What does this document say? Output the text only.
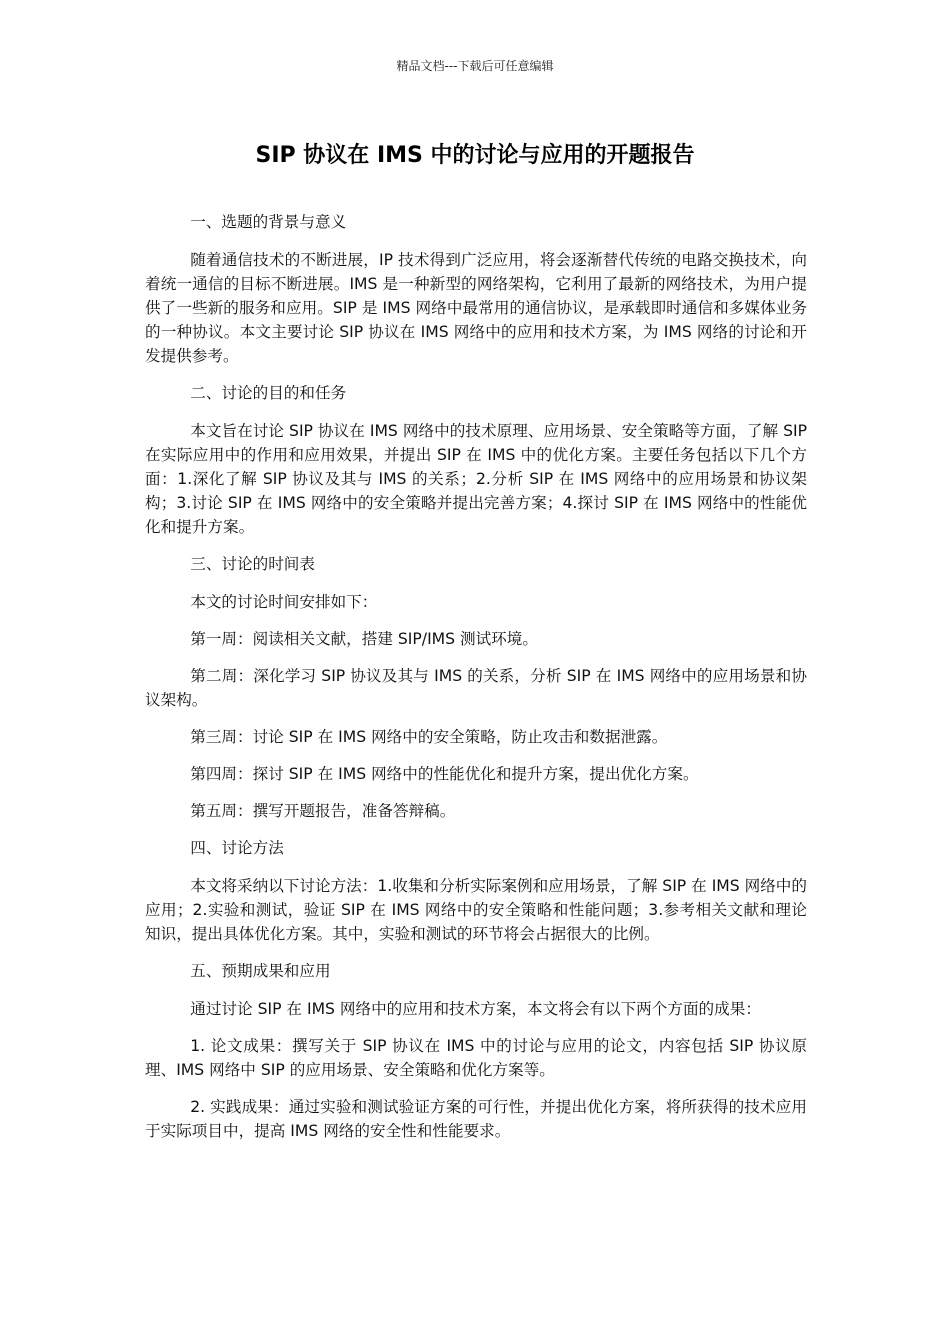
精品文档---下载后可任意编辑
SIP 协议在 IMS 中的讨论与应用的开题报告

一、选题的背景与意义

随着通信技术的不断进展，IP 技术得到广泛应用，将会逐渐替代传统的电路交换技术，向着统一通信的目标不断进展。IMS 是一种新型的网络架构，它利用了最新的网络技术，为用户提供了一些新的服务和应用。SIP 是 IMS 网络中最常用的通信协议，是承载即时通信和多媒体业务的一种协议。本文主要讨论 SIP 协议在 IMS 网络中的应用和技术方案，为 IMS 网络的讨论和开发提供参考。

二、讨论的目的和任务

本文旨在讨论 SIP 协议在 IMS 网络中的技术原理、应用场景、安全策略等方面，了解 SIP 在实际应用中的作用和应用效果，并提出 SIP 在 IMS 中的优化方案。主要任务包括以下几个方面：1.深化了解 SIP 协议及其与 IMS 的关系；2.分析 SIP 在 IMS 网络中的应用场景和协议架构；3.讨论 SIP 在 IMS 网络中的安全策略并提出完善方案；4.探讨 SIP 在 IMS 网络中的性能优化和提升方案。

三、讨论的时间表

本文的讨论时间安排如下：

第一周：阅读相关文献，搭建 SIP/IMS 测试环境。

第二周：深化学习 SIP 协议及其与 IMS 的关系，分析 SIP 在 IMS 网络中的应用场景和协议架构。

第三周：讨论 SIP 在 IMS 网络中的安全策略，防止攻击和数据泄露。

第四周：探讨 SIP 在 IMS 网络中的性能优化和提升方案，提出优化方案。

第五周：撰写开题报告，准备答辩稿。

四、讨论方法

本文将采纳以下讨论方法：1.收集和分析实际案例和应用场景，了解 SIP 在 IMS 网络中的应用；2.实验和测试，验证 SIP 在 IMS 网络中的安全策略和性能问题；3.参考相关文献和理论知识，提出具体优化方案。其中，实验和测试的环节将会占据很大的比例。

五、预期成果和应用

通过讨论 SIP 在 IMS 网络中的应用和技术方案，本文将会有以下两个方面的成果：

1. 论文成果：撰写关于 SIP 协议在 IMS 中的讨论与应用的论文，内容包括 SIP 协议原理、IMS 网络中 SIP 的应用场景、安全策略和优化方案等。

2. 实践成果：通过实验和测试验证方案的可行性，并提出优化方案，将所获得的技术应用于实际项目中，提高 IMS 网络的安全性和性能要求。
